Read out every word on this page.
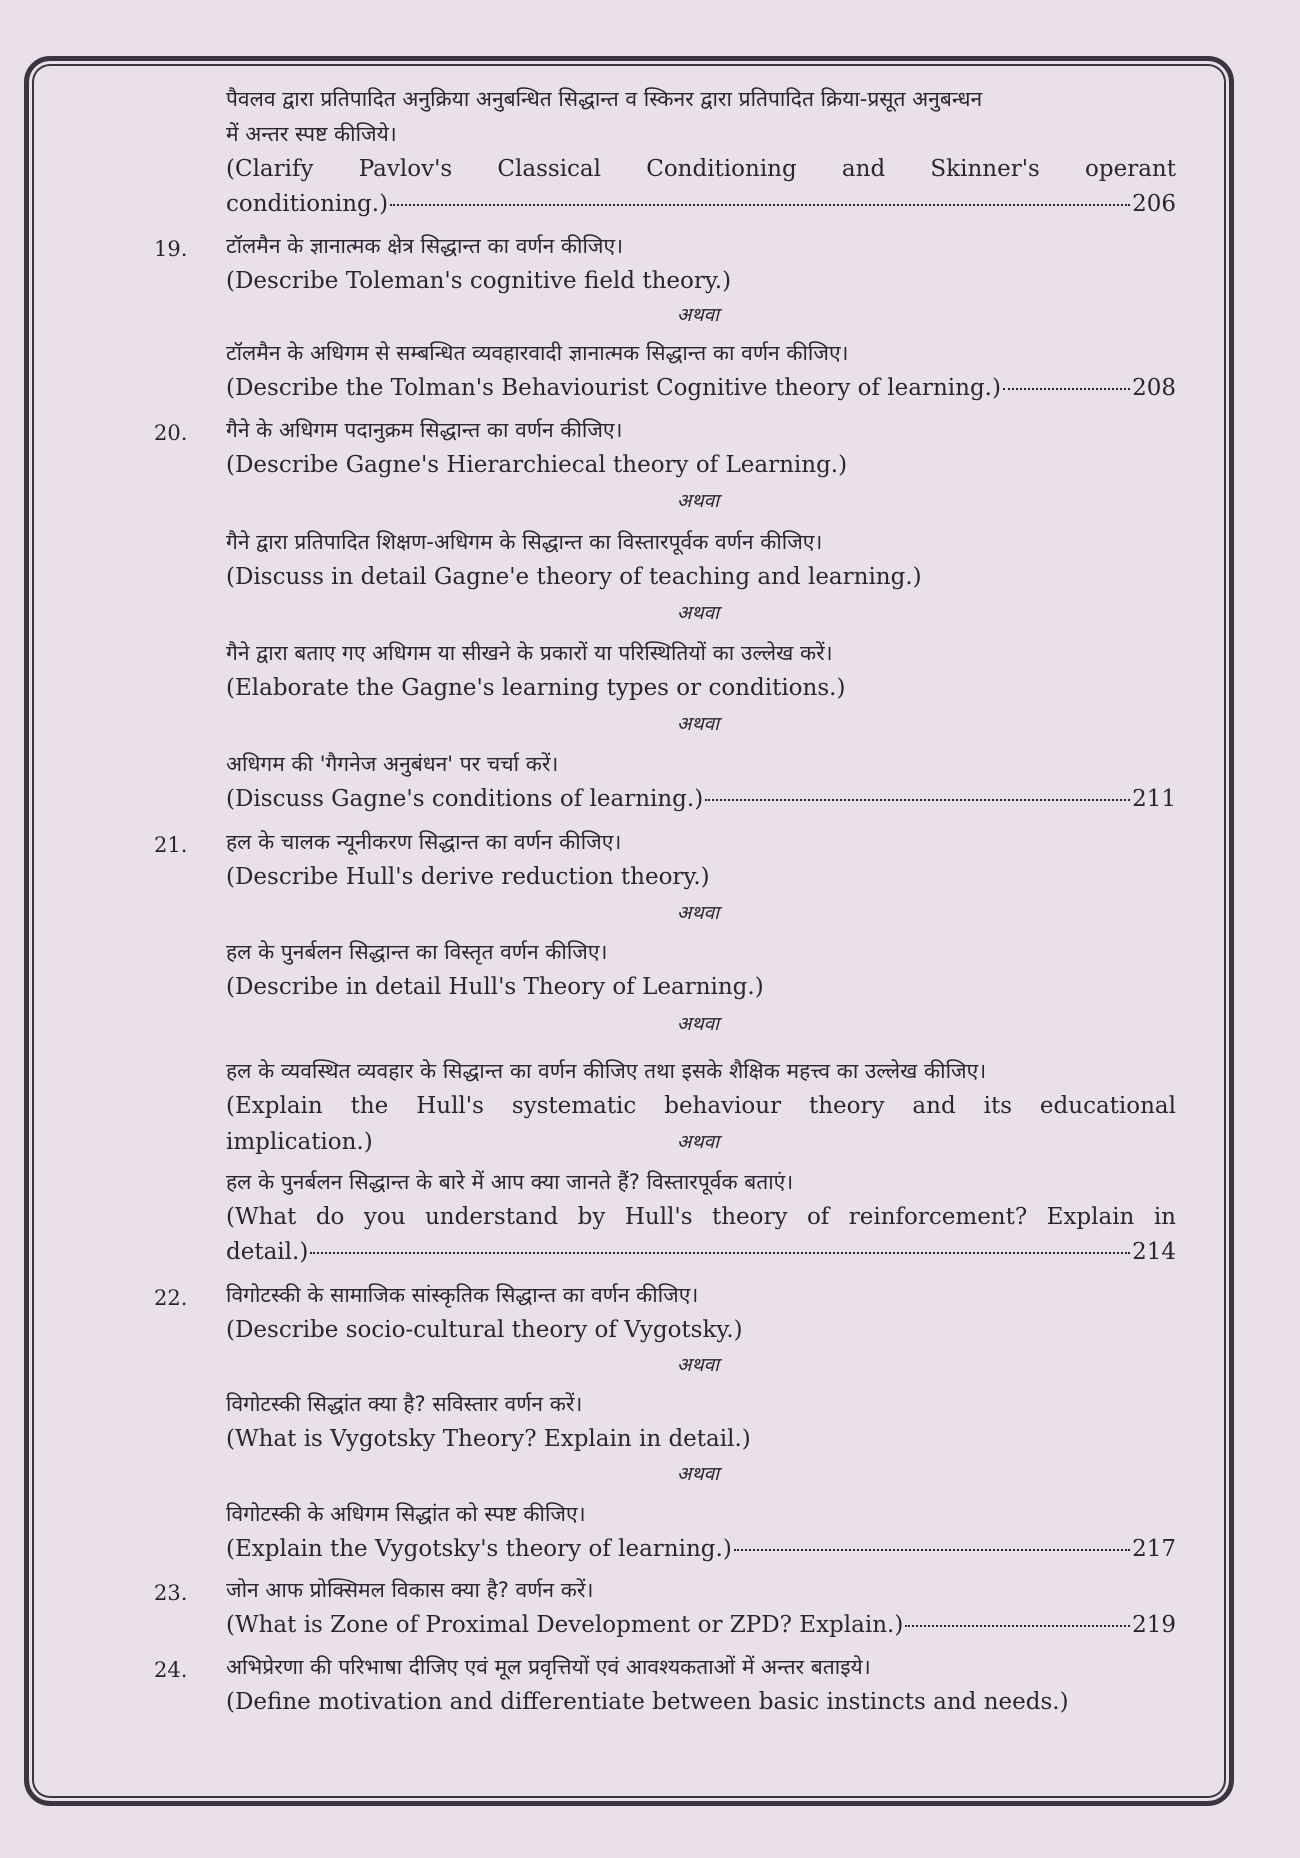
पैवलव द्वारा प्रतिपादित अनुक्रिया अनुबन्धित सिद्धान्त व स्किनर द्वारा प्रतिपादित क्रिया-प्रसूत अनुबन्धन
में अन्तर स्पष्ट कीजिये।
(Clarify Pavlov's Classical Conditioning and Skinner's operant
conditioning.)	206
19.	टॉलमैन के ज्ञानात्मक क्षेत्र सिद्धान्त का वर्णन कीजिए।
(Describe Toleman's cognitive field theory.)
अथवा
टॉलमैन के अधिगम से सम्बन्धित व्यवहारवादी ज्ञानात्मक सिद्धान्त का वर्णन कीजिए।
(Describe the Tolman's Behaviourist Cognitive theory of learning.)	208
20.	गैने के अधिगम पदानुक्रम सिद्धान्त का वर्णन कीजिए।
(Describe Gagne's Hierarchiecal theory of Learning.)
अथवा
गैने द्वारा प्रतिपादित शिक्षण-अधिगम के सिद्धान्त का विस्तारपूर्वक वर्णन कीजिए।
(Discuss in detail Gagne'e theory of teaching and learning.)
अथवा
गैने द्वारा बताए गए अधिगम या सीखने के प्रकारों या परिस्थितियों का उल्लेख करें।
(Elaborate the Gagne's learning types or conditions.)
अथवा
अधिगम की 'गैगनेज अनुबंधन' पर चर्चा करें।
(Discuss Gagne's conditions of learning.)	211
21.	हल के चालक न्यूनीकरण सिद्धान्त का वर्णन कीजिए।
(Describe Hull's derive reduction theory.)
अथवा
हल के पुनर्बलन सिद्धान्त का विस्तृत वर्णन कीजिए।
(Describe in detail Hull's Theory of Learning.)
अथवा
हल के व्यवस्थित व्यवहार के सिद्धान्त का वर्णन कीजिए तथा इसके शैक्षिक महत्त्व का उल्लेख कीजिए।
(Explain the Hull's systematic behaviour theory and its educational
implication.)	अथवा
हल के पुनर्बलन सिद्धान्त के बारे में आप क्या जानते हैं? विस्तारपूर्वक बताएं।
(What do you understand by Hull's theory of reinforcement? Explain in
detail.)	214
22.	विगोटस्की के सामाजिक सांस्कृतिक सिद्धान्त का वर्णन कीजिए।
(Describe socio-cultural theory of Vygotsky.)
अथवा
विगोटस्की सिद्धांत क्या है? सविस्तार वर्णन करें।
(What is Vygotsky Theory? Explain in detail.)
अथवा
विगोटस्की के अधिगम सिद्धांत को स्पष्ट कीजिए।
(Explain the Vygotsky's theory of learning.)	217
23.	जोन आफ प्रोक्सिमल विकास क्या है? वर्णन करें।
(What is Zone of Proximal Development or ZPD? Explain.)	219
24.	अभिप्रेरणा की परिभाषा दीजिए एवं मूल प्रवृत्तियों एवं आवश्यकताओं में अन्तर बताइये।
(Define motivation and differentiate between basic instincts and needs.)
